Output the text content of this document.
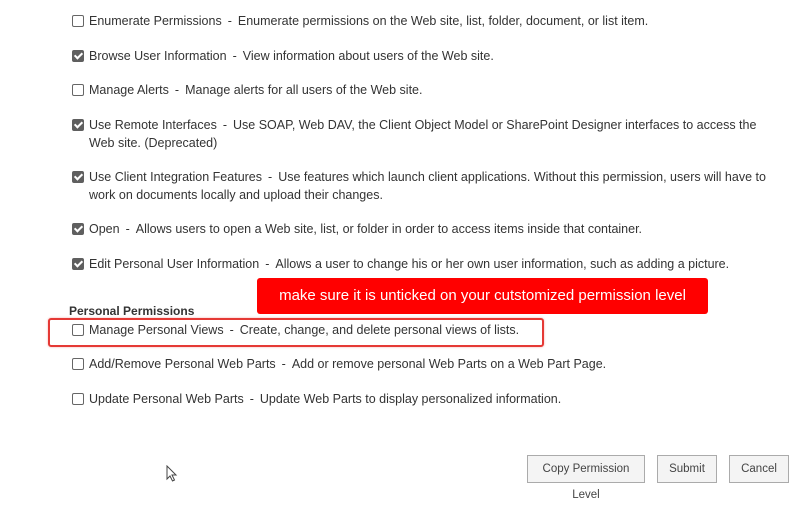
Enumerate Permissions - Enumerate permissions on the Web site, list, folder, document, or list item.
Browse User Information - View information about users of the Web site.
Manage Alerts - Manage alerts for all users of the Web site.
Use Remote Interfaces - Use SOAP, Web DAV, the Client Object Model or SharePoint Designer interfaces to access the Web site. (Deprecated)
Use Client Integration Features - Use features which launch client applications. Without this permission, users will have to work on documents locally and upload their changes.
Open - Allows users to open a Web site, list, or folder in order to access items inside that container.
Edit Personal User Information - Allows a user to change his or her own user information, such as adding a picture.
make sure it is unticked on your cutstomized permission level
Personal Permissions
Manage Personal Views - Create, change, and delete personal views of lists.
Add/Remove Personal Web Parts - Add or remove personal Web Parts on a Web Part Page.
Update Personal Web Parts - Update Web Parts to display personalized information.
Copy Permission Level
Submit	Cancel
